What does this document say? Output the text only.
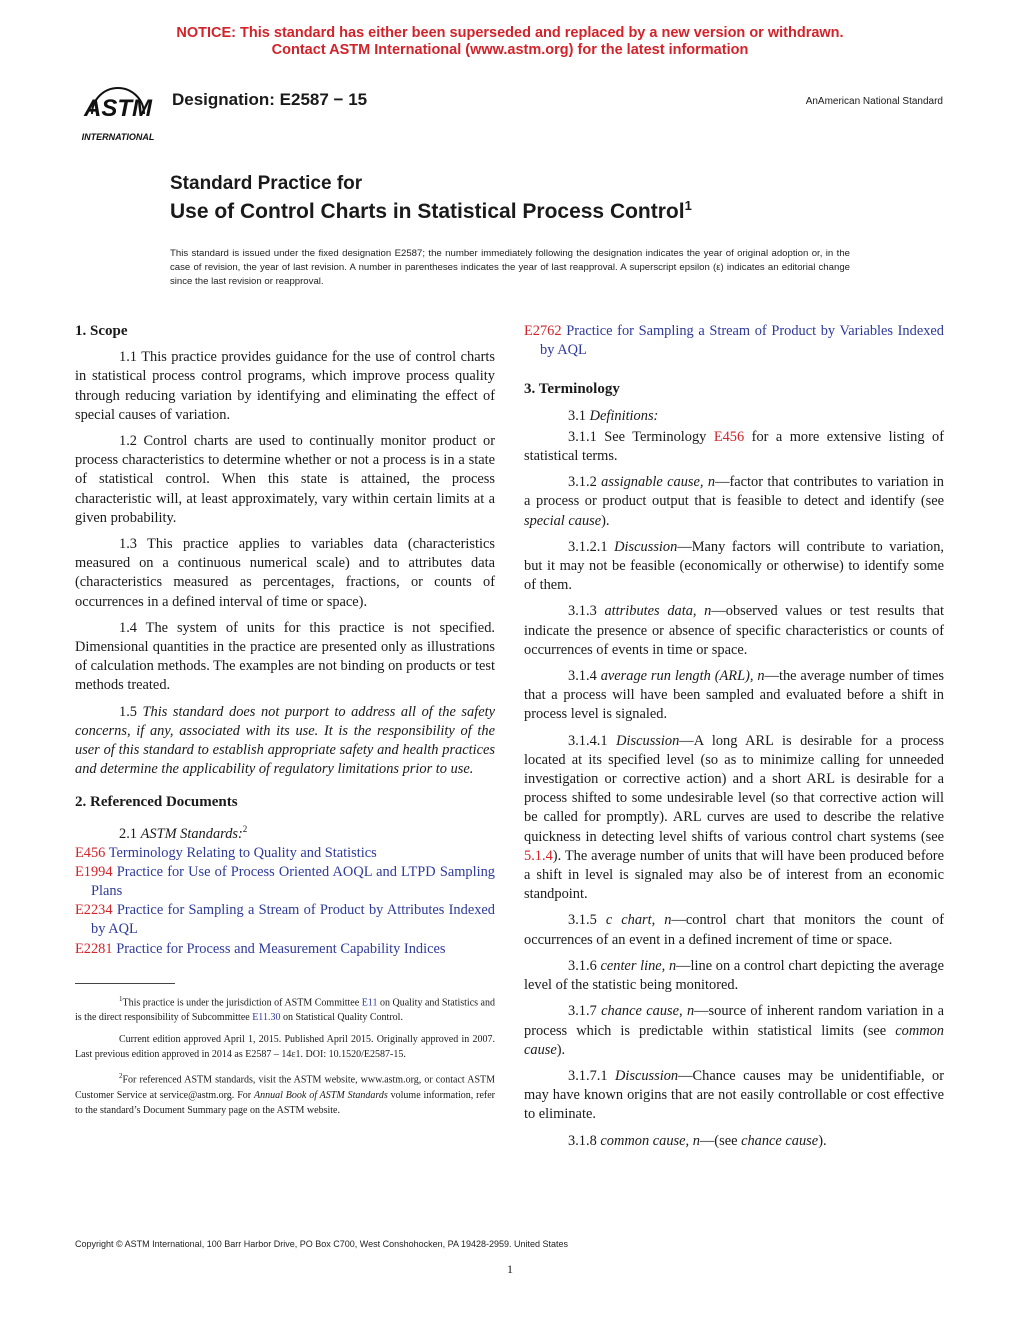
NOTICE: This standard has either been superseded and replaced by a new version or withdrawn.
Contact ASTM International (www.astm.org) for the latest information
ASTM
INTERNATIONAL
Designation: E2587 − 15	AnAmerican National Standard
Standard Practice for
Use of Control Charts in Statistical Process Control$^1$
This standard is issued under the fixed designation E2587; the number immediately following the designation indicates the year of original adoption or, in the case of revision, the year of last revision. A number in parentheses indicates the year of last reapproval. A superscript epsilon (ε) indicates an editorial change since the last revision or reapproval.
1. Scope

1.1 This practice provides guidance for the use of control charts in statistical process control programs, which improve process quality through reducing variation by identifying and eliminating the effect of special causes of variation.

1.2 Control charts are used to continually monitor product or process characteristics to determine whether or not a process is in a state of statistical control. When this state is attained, the process characteristic will, at least approximately, vary within certain limits at a given probability.

1.3 This practice applies to variables data (characteristics measured on a continuous numerical scale) and to attributes data (characteristics measured as percentages, fractions, or counts of occurrences in a defined interval of time or space).

1.4 The system of units for this practice is not specified. Dimensional quantities in the practice are presented only as illustrations of calculation methods. The examples are not binding on products or test methods treated.

1.5 This standard does not purport to address all of the safety concerns, if any, associated with its use. It is the responsibility of the user of this standard to establish appropriate safety and health practices and determine the applicability of regulatory limitations prior to use.

2. Referenced Documents

2.1 ASTM Standards:$^2$

E456 Terminology Relating to Quality and Statistics
E1994 Practice for Use of Process Oriented AOQL and LTPD Sampling Plans
E2234 Practice for Sampling a Stream of Product by Attributes Indexed by AQL
E2281 Practice for Process and Measurement Capability Indices

$^1$This practice is under the jurisdiction of ASTM Committee E11 on Quality and Statistics and is the direct responsibility of Subcommittee E11.30 on Statistical Quality Control.

Current edition approved April 1, 2015. Published April 2015. Originally approved in 2007. Last previous edition approved in 2014 as E2587 – 14ε1. DOI: 10.1520/E2587-15.

$^2$For referenced ASTM standards, visit the ASTM website, www.astm.org, or contact ASTM Customer Service at service@astm.org. For Annual Book of ASTM Standards volume information, refer to the standard’s Document Summary page on the ASTM website.

E2762 Practice for Sampling a Stream of Product by Variables Indexed by AQL
3. Terminology

3.1 Definitions:

3.1.1 See Terminology E456 for a more extensive listing of statistical terms.

3.1.2 assignable cause, n—factor that contributes to variation in a process or product output that is feasible to detect and identify (see special cause).

3.1.2.1 Discussion—Many factors will contribute to variation, but it may not be feasible (economically or otherwise) to identify some of them.

3.1.3 attributes data, n—observed values or test results that indicate the presence or absence of specific characteristics or counts of occurrences of events in time or space.

3.1.4 average run length (ARL), n—the average number of times that a process will have been sampled and evaluated before a shift in process level is signaled.

3.1.4.1 Discussion—A long ARL is desirable for a process located at its specified level (so as to minimize calling for unneeded investigation or corrective action) and a short ARL is desirable for a process shifted to some undesirable level (so that corrective action will be called for promptly). ARL curves are used to describe the relative quickness in detecting level shifts of various control chart systems (see 5.1.4). The average number of units that will have been produced before a shift in level is signaled may also be of interest from an economic standpoint.

3.1.5 c chart, n—control chart that monitors the count of occurrences of an event in a defined increment of time or space.

3.1.6 center line, n—line on a control chart depicting the average level of the statistic being monitored.

3.1.7 chance cause, n—source of inherent random variation in a process which is predictable within statistical limits (see common cause).

3.1.7.1 Discussion—Chance causes may be unidentifiable, or may have known origins that are not easily controllable or cost effective to eliminate.

3.1.8 common cause, n—(see chance cause).

Copyright © ASTM International, 100 Barr Harbor Drive, PO Box C700, West Conshohocken, PA 19428-2959. United States
1
